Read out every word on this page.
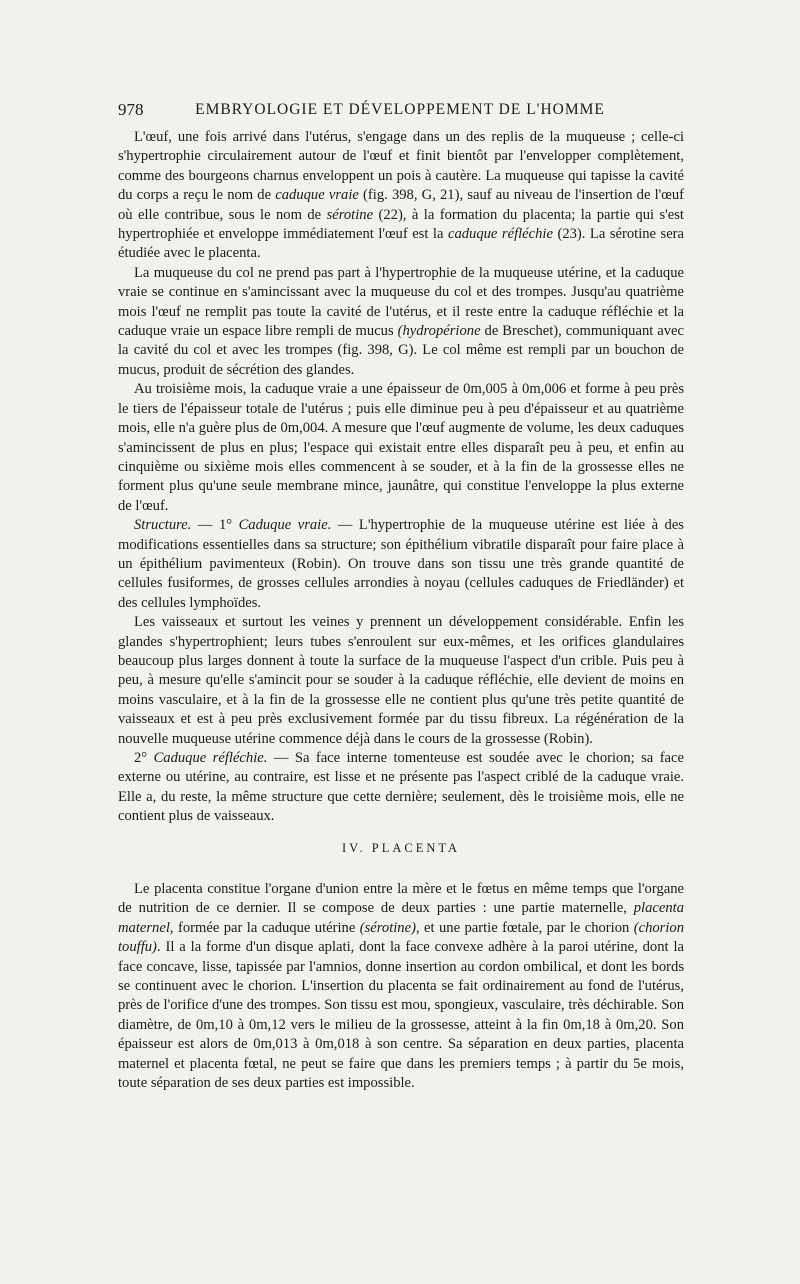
978	EMBRYOLOGIE ET DÉVELOPPEMENT DE L'HOMME

L'œuf, une fois arrivé dans l'utérus, s'engage dans un des replis de la muqueuse ; celle-ci s'hypertrophie circulairement autour de l'œuf et finit bientôt par l'envelopper complètement, comme des bourgeons charnus enveloppent un pois à cautère. La muqueuse qui tapisse la cavité du corps a reçu le nom de caduque vraie (fig. 398, G, 21), sauf au niveau de l'insertion de l'œuf où elle contribue, sous le nom de sérotine (22), à la formation du placenta; la partie qui s'est hypertrophiée et enveloppe immédiatement l'œuf est la caduque réfléchie (23). La sérotine sera étudiée avec le placenta.

La muqueuse du col ne prend pas part à l'hypertrophie de la muqueuse utérine, et la caduque vraie se continue en s'amincissant avec la muqueuse du col et des trompes. Jusqu'au quatrième mois l'œuf ne remplit pas toute la cavité de l'utérus, et il reste entre la caduque réfléchie et la caduque vraie un espace libre rempli de mucus (hydropérione de Breschet), communiquant avec la cavité du col et avec les trompes (fig. 398, G). Le col même est rempli par un bouchon de mucus, produit de sécrétion des glandes.

Au troisième mois, la caduque vraie a une épaisseur de 0m,005 à 0m,006 et forme à peu près le tiers de l'épaisseur totale de l'utérus ; puis elle diminue peu à peu d'épaisseur et au quatrième mois, elle n'a guère plus de 0m,004. A mesure que l'œuf augmente de volume, les deux caduques s'amincissent de plus en plus; l'espace qui existait entre elles disparaît peu à peu, et enfin au cinquième ou sixième mois elles commencent à se souder, et à la fin de la grossesse elles ne forment plus qu'une seule membrane mince, jaunâtre, qui constitue l'enveloppe la plus externe de l'œuf.

Structure. — 1° Caduque vraie. — L'hypertrophie de la muqueuse utérine est liée à des modifications essentielles dans sa structure; son épithélium vibratile disparaît pour faire place à un épithélium pavimenteux (Robin). On trouve dans son tissu une très grande quantité de cellules fusiformes, de grosses cellules arrondies à noyau (cellules caduques de Friedländer) et des cellules lymphoïdes.

Les vaisseaux et surtout les veines y prennent un développement considérable. Enfin les glandes s'hypertrophient; leurs tubes s'enroulent sur eux-mêmes, et les orifices glandulaires beaucoup plus larges donnent à toute la surface de la muqueuse l'aspect d'un crible. Puis peu à peu, à mesure qu'elle s'amincit pour se souder à la caduque réfléchie, elle devient de moins en moins vasculaire, et à la fin de la grossesse elle ne contient plus qu'une très petite quantité de vaisseaux et est à peu près exclusivement formée par du tissu fibreux. La régénération de la nouvelle muqueuse utérine commence déjà dans le cours de la grossesse (Robin).

2° Caduque réfléchie. — Sa face interne tomenteuse est soudée avec le chorion; sa face externe ou utérine, au contraire, est lisse et ne présente pas l'aspect criblé de la caduque vraie. Elle a, du reste, la même structure que cette dernière; seulement, dès le troisième mois, elle ne contient plus de vaisseaux.

IV. PLACENTA

Le placenta constitue l'organe d'union entre la mère et le fœtus en même temps que l'organe de nutrition de ce dernier. Il se compose de deux parties : une partie maternelle, placenta maternel, formée par la caduque utérine (sérotine), et une partie fœtale, par le chorion (chorion touffu). Il a la forme d'un disque aplati, dont la face convexe adhère à la paroi utérine, dont la face concave, lisse, tapissée par l'amnios, donne insertion au cordon ombilical, et dont les bords se continuent avec le chorion. L'insertion du placenta se fait ordinairement au fond de l'utérus, près de l'orifice d'une des trompes. Son tissu est mou, spongieux, vasculaire, très déchirable. Son diamètre, de 0m,10 à 0m,12 vers le milieu de la grossesse, atteint à la fin 0m,18 à 0m,20. Son épaisseur est alors de 0m,013 à 0m,018 à son centre. Sa séparation en deux parties, placenta maternel et placenta fœtal, ne peut se faire que dans les premiers temps ; à partir du 5e mois, toute séparation de ses deux parties est impossible.
